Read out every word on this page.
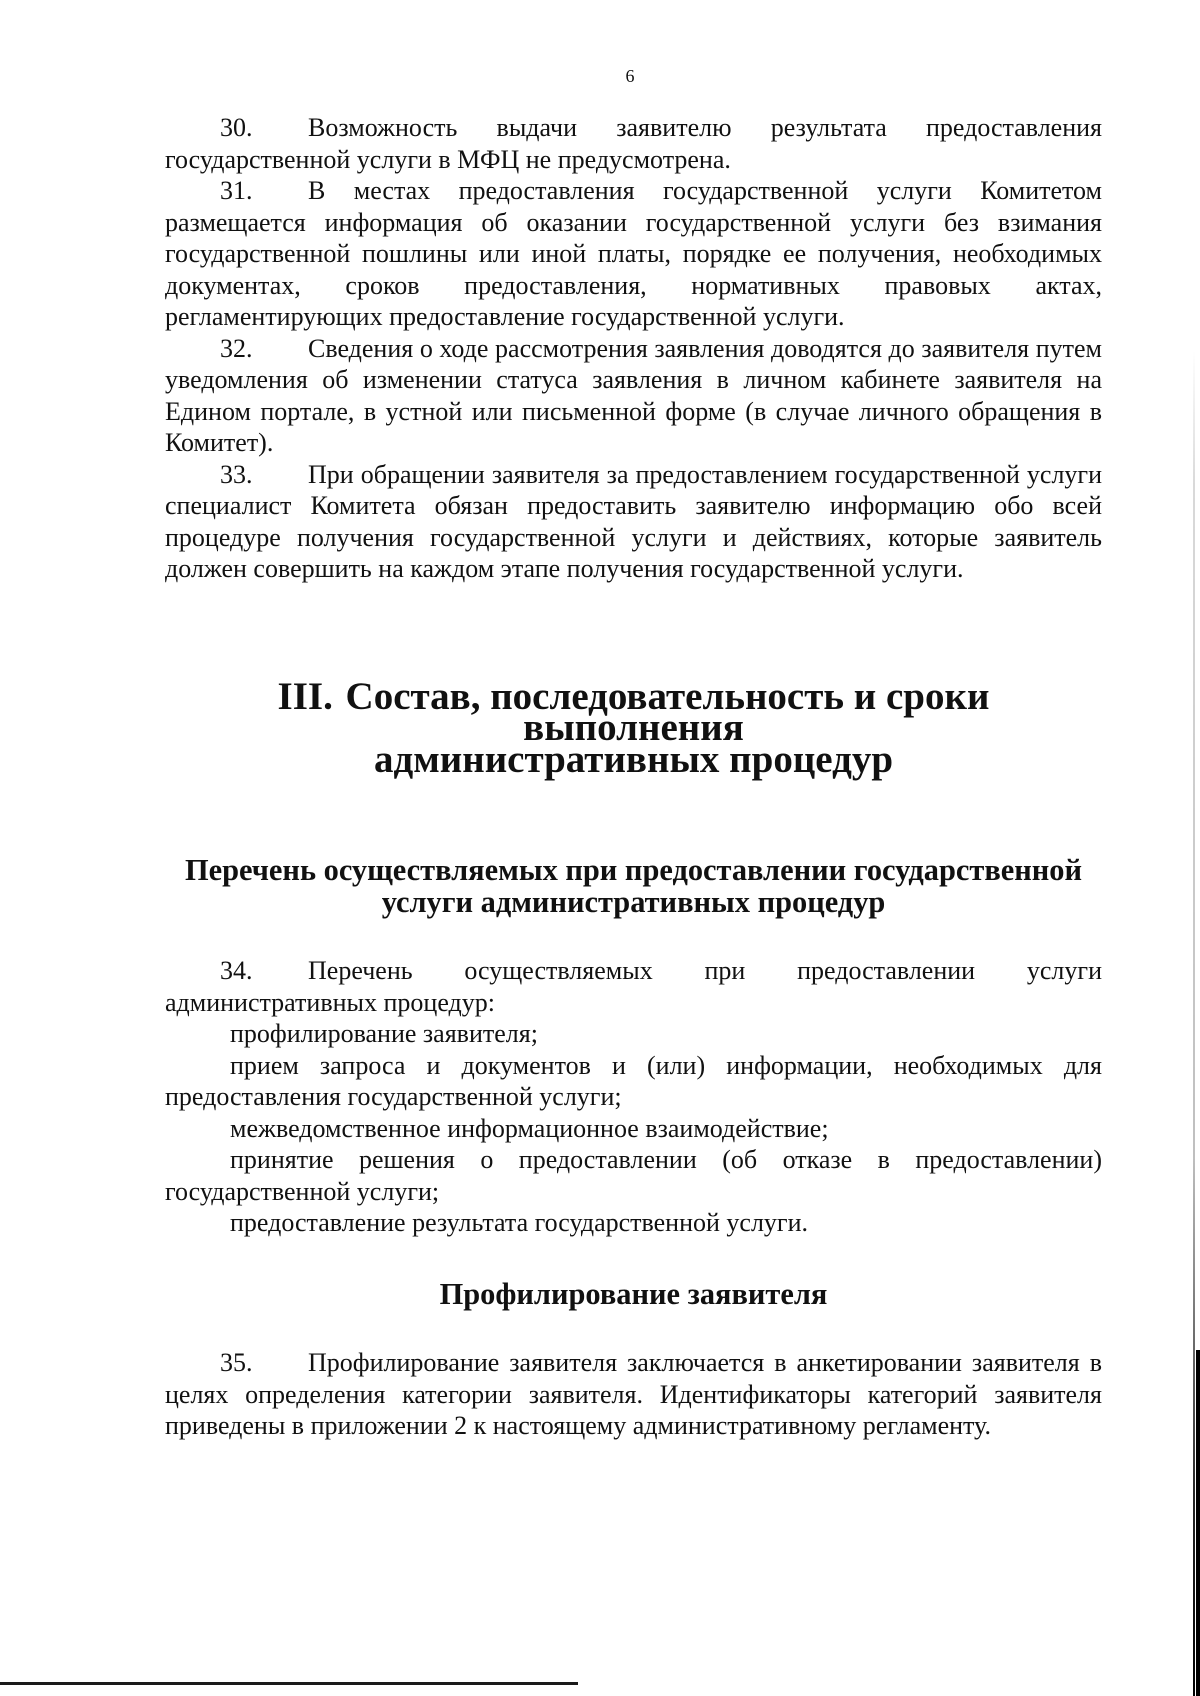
6

30. Возможность выдачи заявителю результата предоставления государственной услуги в МФЦ не предусмотрена.

31. В местах предоставления государственной услуги Комитетом размещается информация об оказании государственной услуги без взимания государственной пошлины или иной платы, порядке ее получения, необходимых документах, сроков предоставления, нормативных правовых актах, регламентирующих предоставление государственной услуги.

32. Сведения о ходе рассмотрения заявления доводятся до заявителя путем уведомления об изменении статуса заявления в личном кабинете заявителя на Едином портале, в устной или письменной форме (в случае личного обращения в Комитет).

33. При обращении заявителя за предоставлением государственной услуги специалист Комитета обязан предоставить заявителю информацию обо всей процедуре получения государственной услуги и действиях, которые заявитель должен совершить на каждом этапе получения государственной услуги.

III. Состав, последовательность и сроки выполнения
административных процедур
Перечень осуществляемых при предоставлении государственной
услуги административных процедур

34. Перечень осуществляемых при предоставлении услуги административных процедур:

профилирование заявителя;

прием запроса и документов и (или) информации, необходимых для предоставления государственной услуги;

межведомственное информационное взаимодействие;

принятие решения о предоставлении (об отказе в предоставлении) государственной услуги;

предоставление результата государственной услуги.

Профилирование заявителя

35. Профилирование заявителя заключается в анкетировании заявителя в целях определения категории заявителя. Идентификаторы категорий заявителя приведены в приложении 2 к настоящему административному регламенту.
